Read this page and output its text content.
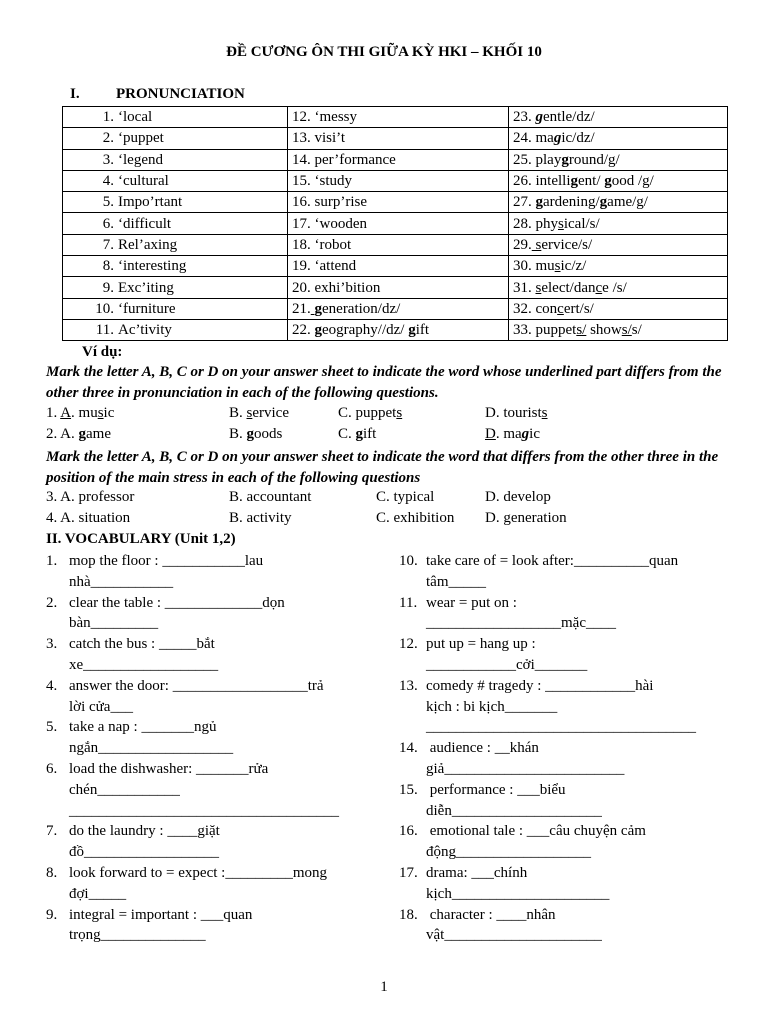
ĐỀ CƯƠNG ÔN THI GIỮA KỲ HKI – KHỐI 10
I. PRONUNCIATION
1. ‘local	12. ‘messy	23. gentle/dz/
2. ‘puppet	13. visi’t	24. magic/dz/
3. ‘legend	14. per’formance	25. playground/g/
4. ‘cultural	15. ‘study	26. intelligent/ good /g/
5. Impo’rtant	16. surp’rise	27. gardening/game/g/
6. ‘difficult	17. ‘wooden	28. physical/s/
7. Rel’axing	18. ‘robot	29. service/s/
8. ‘interesting	19. ‘attend	30. music/z/
9. Exc’iting	20. exhi’bition	31. select/dance /s/
10. ‘furniture	21. generation/dz/	32. concert/s/
11. Ac’tivity	22. geography//dz/ gift	33. puppets/ shows/s/
Ví dụ:
Mark the letter A, B, C or D on your answer sheet to indicate the word whose underlined part differs from the other three in pronunciation in each of the following questions.
1. A. music	B. service	C. puppets	D. tourists
2. A. game	B. goods	C. gift	D. magic
Mark the letter A, B, C or D on your answer sheet to indicate the word that differs from the other three in the position of the main stress in each of the following questions
3. A. professor	B. accountant	C. typical	D. develop
4. A. situation	B. activity	C. exhibition D. generation
II. VOCABULARY (Unit 1,2)
1. mop the floor : ___________lau
nhà___________
2. clear the table : _____________dọn
bàn_________
3. catch the bus : _____bắt
xe__________________
4. answer the door: __________________trả
lời cửa___
5. take a nap : _______ngủ
ngắn__________________
6. load the dishwasher: _______rửa
chén___________
____________________________________
7. do the laundry : ____giặt
đồ__________________
8. look forward to = expect :_________mong
đợi_____
9. integral = important : ___quan
trọng______________
10. take care of = look after:__________quan
tâm_____
11. wear = put on :
__________________mặc____
12. put up = hang up :
____________cởi_______
13. comedy # tragedy : ____________hài
kịch : bi kịch_______
____________________________________
14. audience : __khán
giả________________________
15. performance : ___biểu
diễn____________________
16. emotional tale : ___câu chuyện cảm
động__________________
17. drama: ___chính
kịch_____________________
18. character : ____nhân
vật_____________________
1
